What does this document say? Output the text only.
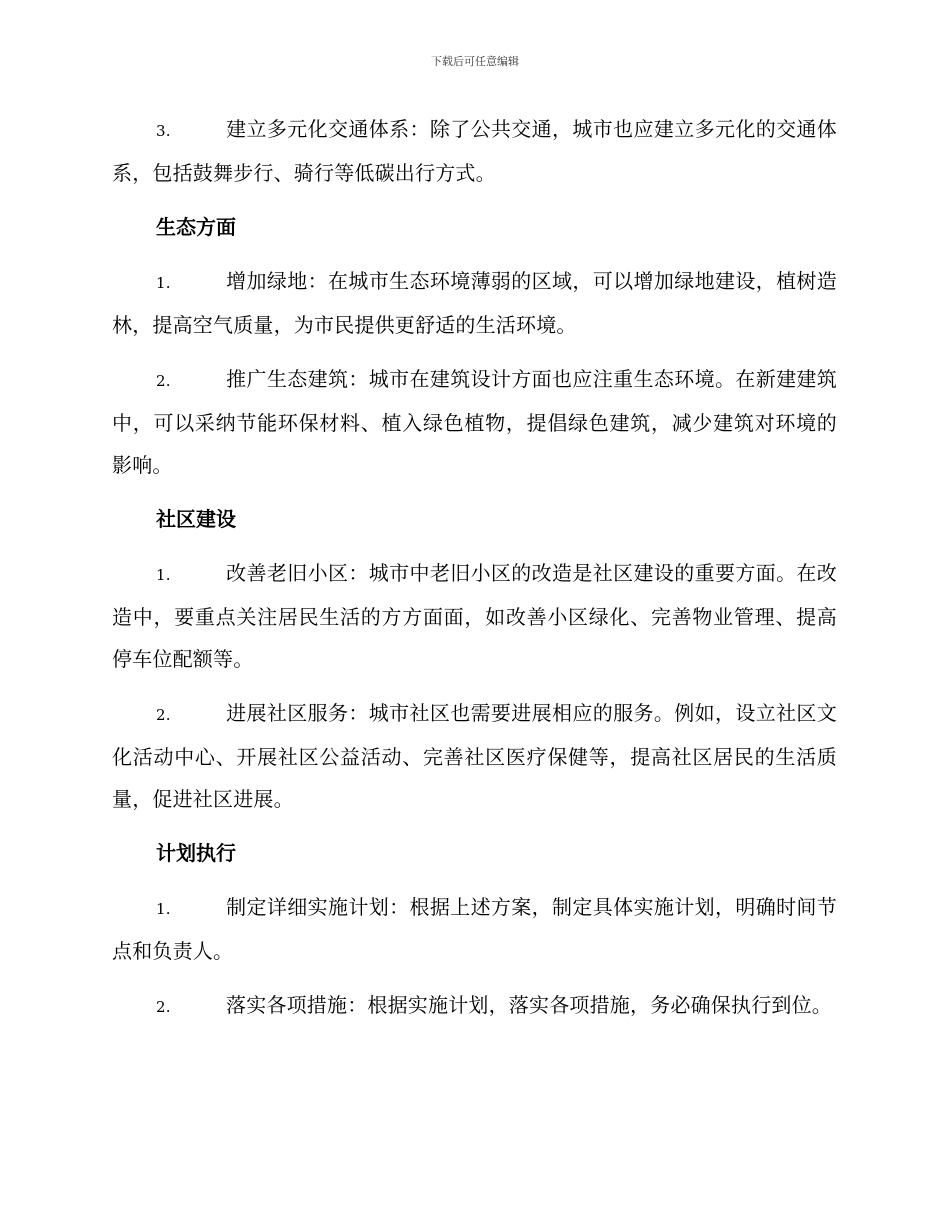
下载后可任意编辑

3.	建立多元化交通体系：除了公共交通，城市也应建立多元化的交通体系，包括鼓舞步行、骑行等低碳出行方式。

生态方面

1.	增加绿地：在城市生态环境薄弱的区域，可以增加绿地建设，植树造林，提高空气质量，为市民提供更舒适的生活环境。

2.	推广生态建筑：城市在建筑设计方面也应注重生态环境。在新建建筑中，可以采纳节能环保材料、植入绿色植物，提倡绿色建筑，减少建筑对环境的影响。

社区建设

1.	改善老旧小区：城市中老旧小区的改造是社区建设的重要方面。在改造中，要重点关注居民生活的方方面面，如改善小区绿化、完善物业管理、提高停车位配额等。

2.	进展社区服务：城市社区也需要进展相应的服务。例如，设立社区文化活动中心、开展社区公益活动、完善社区医疗保健等，提高社区居民的生活质量，促进社区进展。

计划执行

1.	制定详细实施计划：根据上述方案，制定具体实施计划，明确时间节点和负责人。

2.	落实各项措施：根据实施计划，落实各项措施，务必确保执行到位。
